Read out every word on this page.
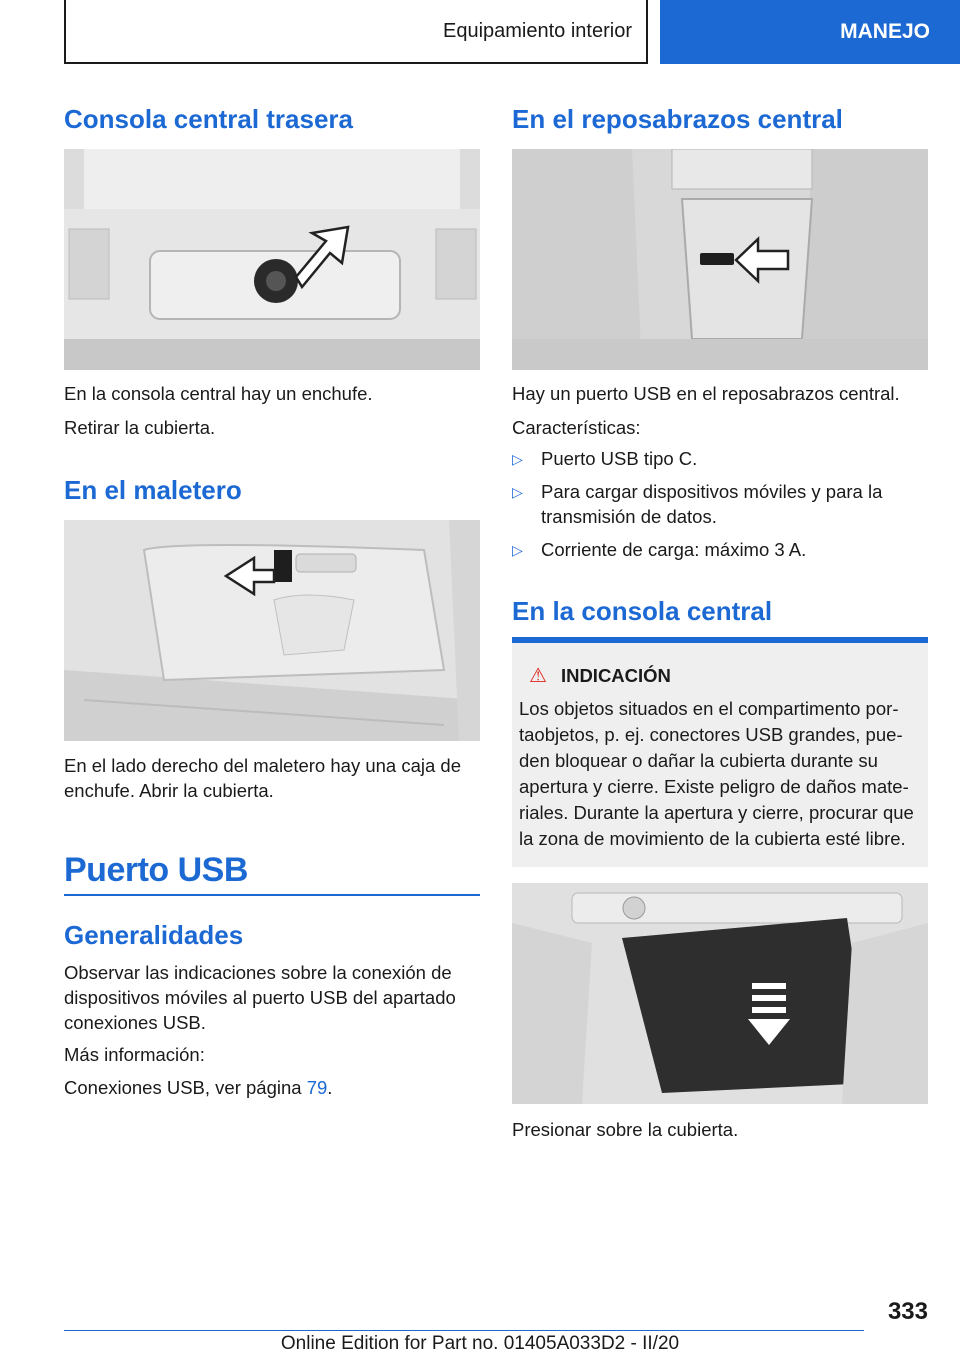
Equipamiento interior	MANEJO
Consola central trasera

En la consola central hay un enchufe.

Retirar la cubierta.

En el maletero

En el lado derecho del maletero hay una caja de enchufe. Abrir la cubierta.

Puerto USB
Generalidades

Observar las indicaciones sobre la conexión de dispositivos móviles al puerto USB del apartado conexiones USB.

Más información:

Conexiones USB, ver página 79.

En el reposabrazos central

Hay un puerto USB en el reposabrazos central.

Características:

▷ Puerto USB tipo C.
▷ Para cargar dispositivos móviles y para la transmisión de datos.
▷ Corriente de carga: máximo 3 A.
En la consola central
⚠ INDICACIÓN
Los objetos situados en el compartimento portaobjetos, p. ej. conectores USB grandes, pueden bloquear o dañar la cubierta durante su apertura y cierre. Existe peligro de daños materiales. Durante la apertura y cierre, procurar que la zona de movimiento de la cubierta esté libre.

Presionar sobre la cubierta.

333
Online Edition for Part no. 01405A033D2 - II/20
